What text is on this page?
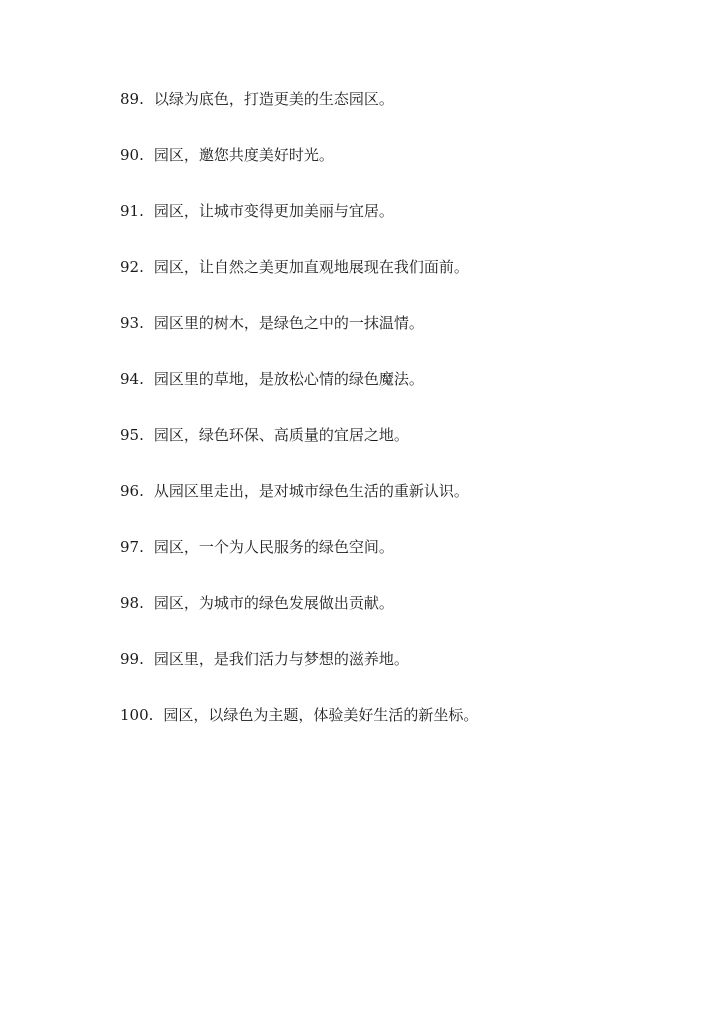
89. 以绿为底色，打造更美的生态园区。
90. 园区，邀您共度美好时光。
91. 园区，让城市变得更加美丽与宜居。
92. 园区，让自然之美更加直观地展现在我们面前。
93. 园区里的树木，是绿色之中的一抹温情。
94. 园区里的草地，是放松心情的绿色魔法。
95. 园区，绿色环保、高质量的宜居之地。
96. 从园区里走出，是对城市绿色生活的重新认识。
97. 园区，一个为人民服务的绿色空间。
98. 园区，为城市的绿色发展做出贡献。
99. 园区里，是我们活力与梦想的滋养地。
100. 园区，以绿色为主题，体验美好生活的新坐标。
